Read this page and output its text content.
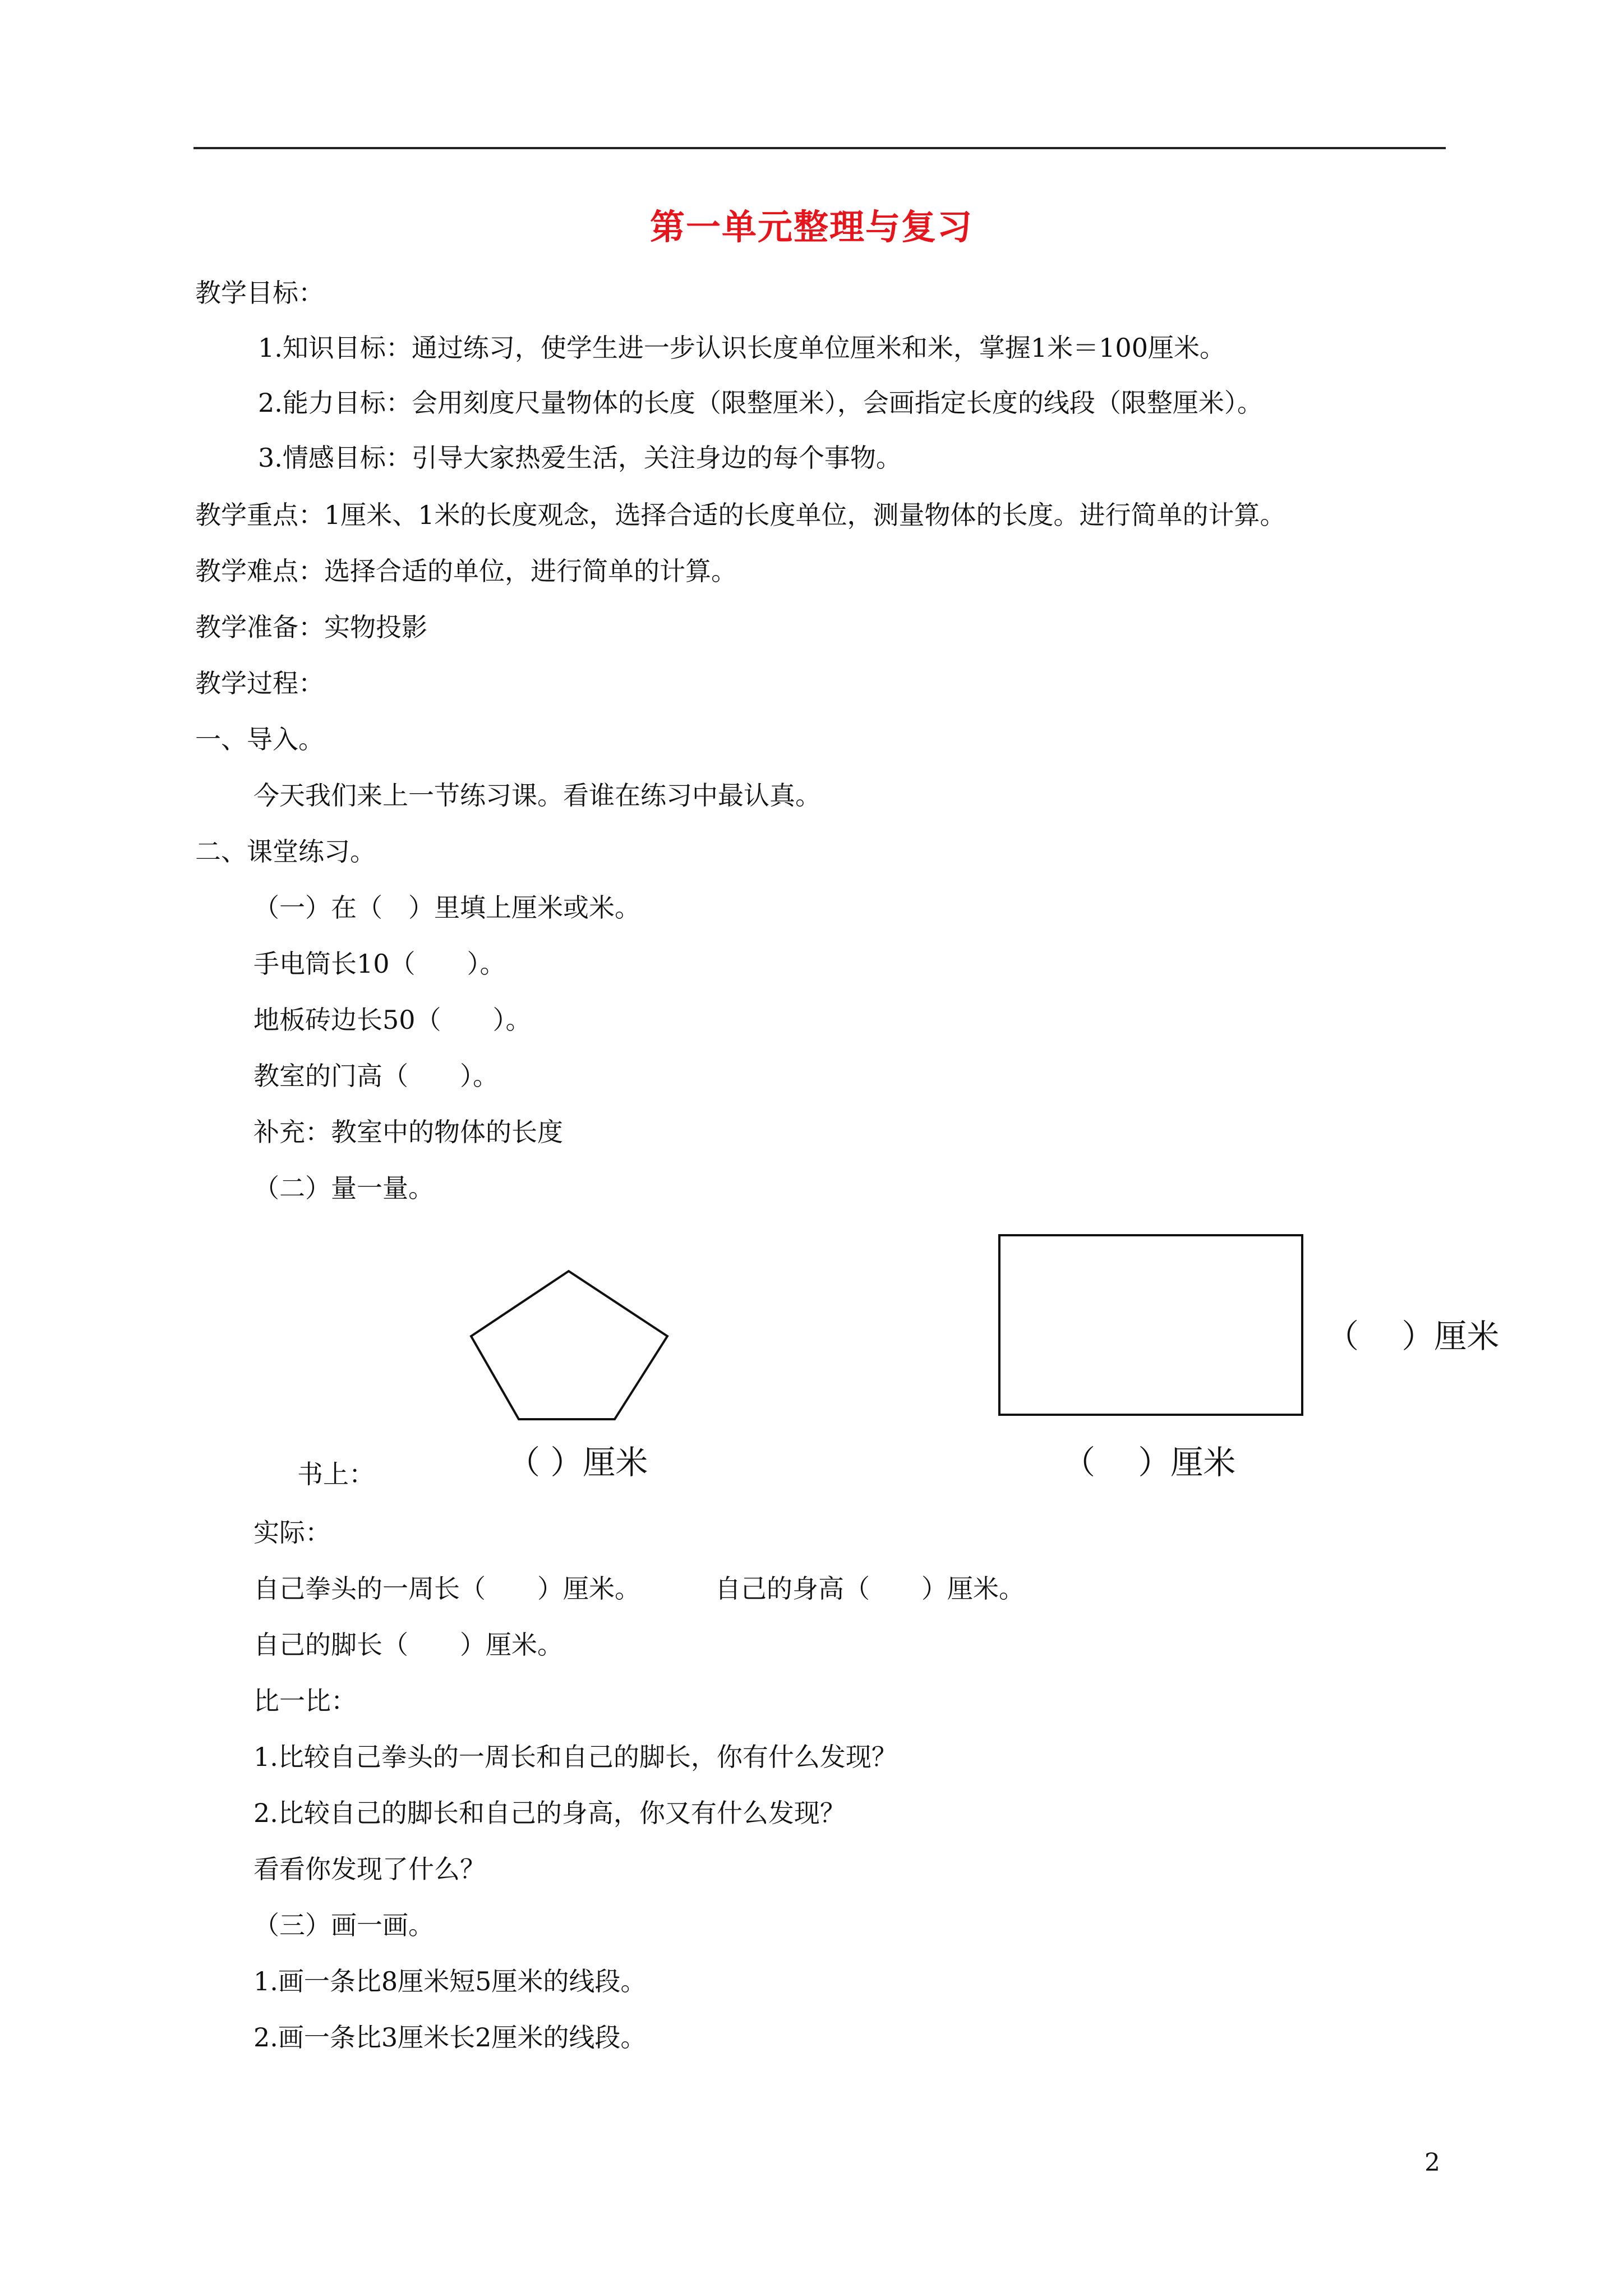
第一单元整理与复习
教学目标：
1.知识目标：通过练习，使学生进一步认识长度单位厘米和米，掌握1米＝100厘米。
2.能力目标：会用刻度尺量物体的长度（限整厘米），会画指定长度的线段（限整厘米）。
3.情感目标：引导大家热爱生活，关注身边的每个事物。
教学重点：1厘米、1米的长度观念，选择合适的长度单位，测量物体的长度。进行简单的计算。
教学难点：选择合适的单位，进行简单的计算。
教学准备：实物投影
教学过程：
一、导入。
今天我们来上一节练习课。看谁在练习中最认真。
二、课堂练习。
（一）在（　）里填上厘米或米。
手电筒长10（　　）。
地板砖边长50（　　）。
教室的门高（　　）。
补充：教室中的物体的长度
（二）量一量。
（ ）厘米
（　 ）厘米
（　 ）厘米
书上：
实际：
自己拳头的一周长（　　）厘米。	自己的身高（　　）厘米。
自己的脚长（　　）厘米。
比一比：
1.比较自己拳头的一周长和自己的脚长，你有什么发现？
2.比较自己的脚长和自己的身高，你又有什么发现？
看看你发现了什么？
（三）画一画。
1.画一条比8厘米短5厘米的线段。
2.画一条比3厘米长2厘米的线段。
2
